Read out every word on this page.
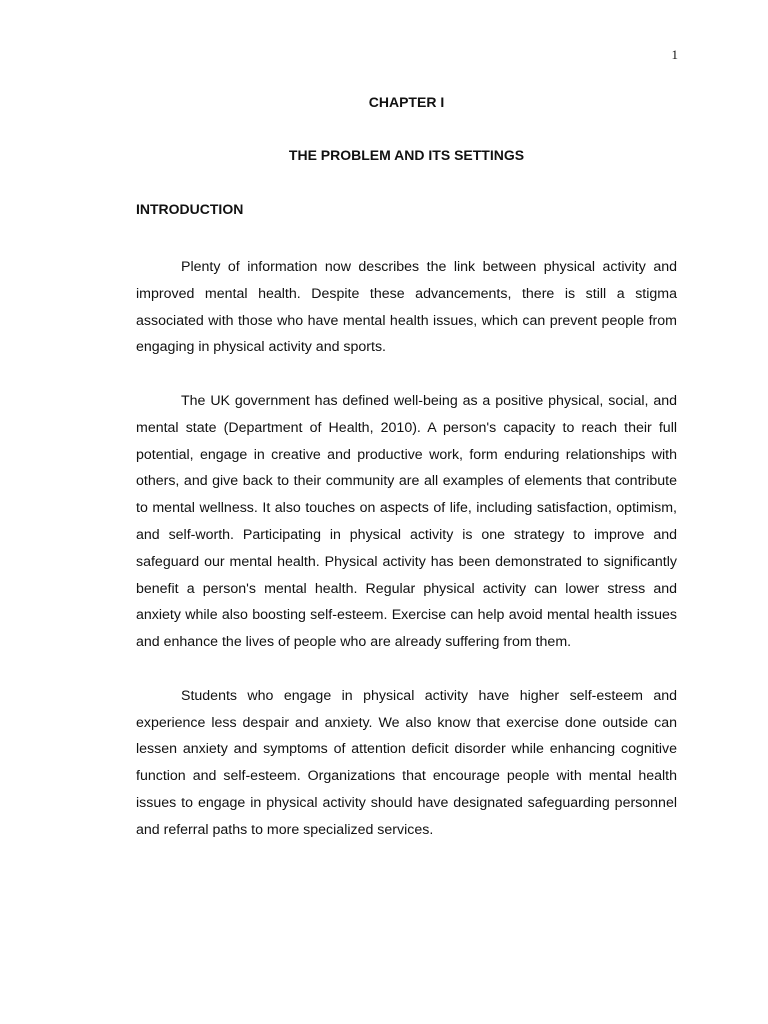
1
CHAPTER I
THE PROBLEM AND ITS SETTINGS
INTRODUCTION

Plenty of information now describes the link between physical activity and improved mental health. Despite these advancements, there is still a stigma associated with those who have mental health issues, which can prevent people from engaging in physical activity and sports.

The UK government has defined well-being as a positive physical, social, and mental state (Department of Health, 2010). A person's capacity to reach their full potential, engage in creative and productive work, form enduring relationships with others, and give back to their community are all examples of elements that contribute to mental wellness. It also touches on aspects of life, including satisfaction, optimism, and self-worth. Participating in physical activity is one strategy to improve and safeguard our mental health. Physical activity has been demonstrated to significantly benefit a person's mental health. Regular physical activity can lower stress and anxiety while also boosting self-esteem. Exercise can help avoid mental health issues and enhance the lives of people who are already suffering from them.

Students who engage in physical activity have higher self-esteem and experience less despair and anxiety. We also know that exercise done outside can lessen anxiety and symptoms of attention deficit disorder while enhancing cognitive function and self-esteem. Organizations that encourage people with mental health issues to engage in physical activity should have designated safeguarding personnel and referral paths to more specialized services.
